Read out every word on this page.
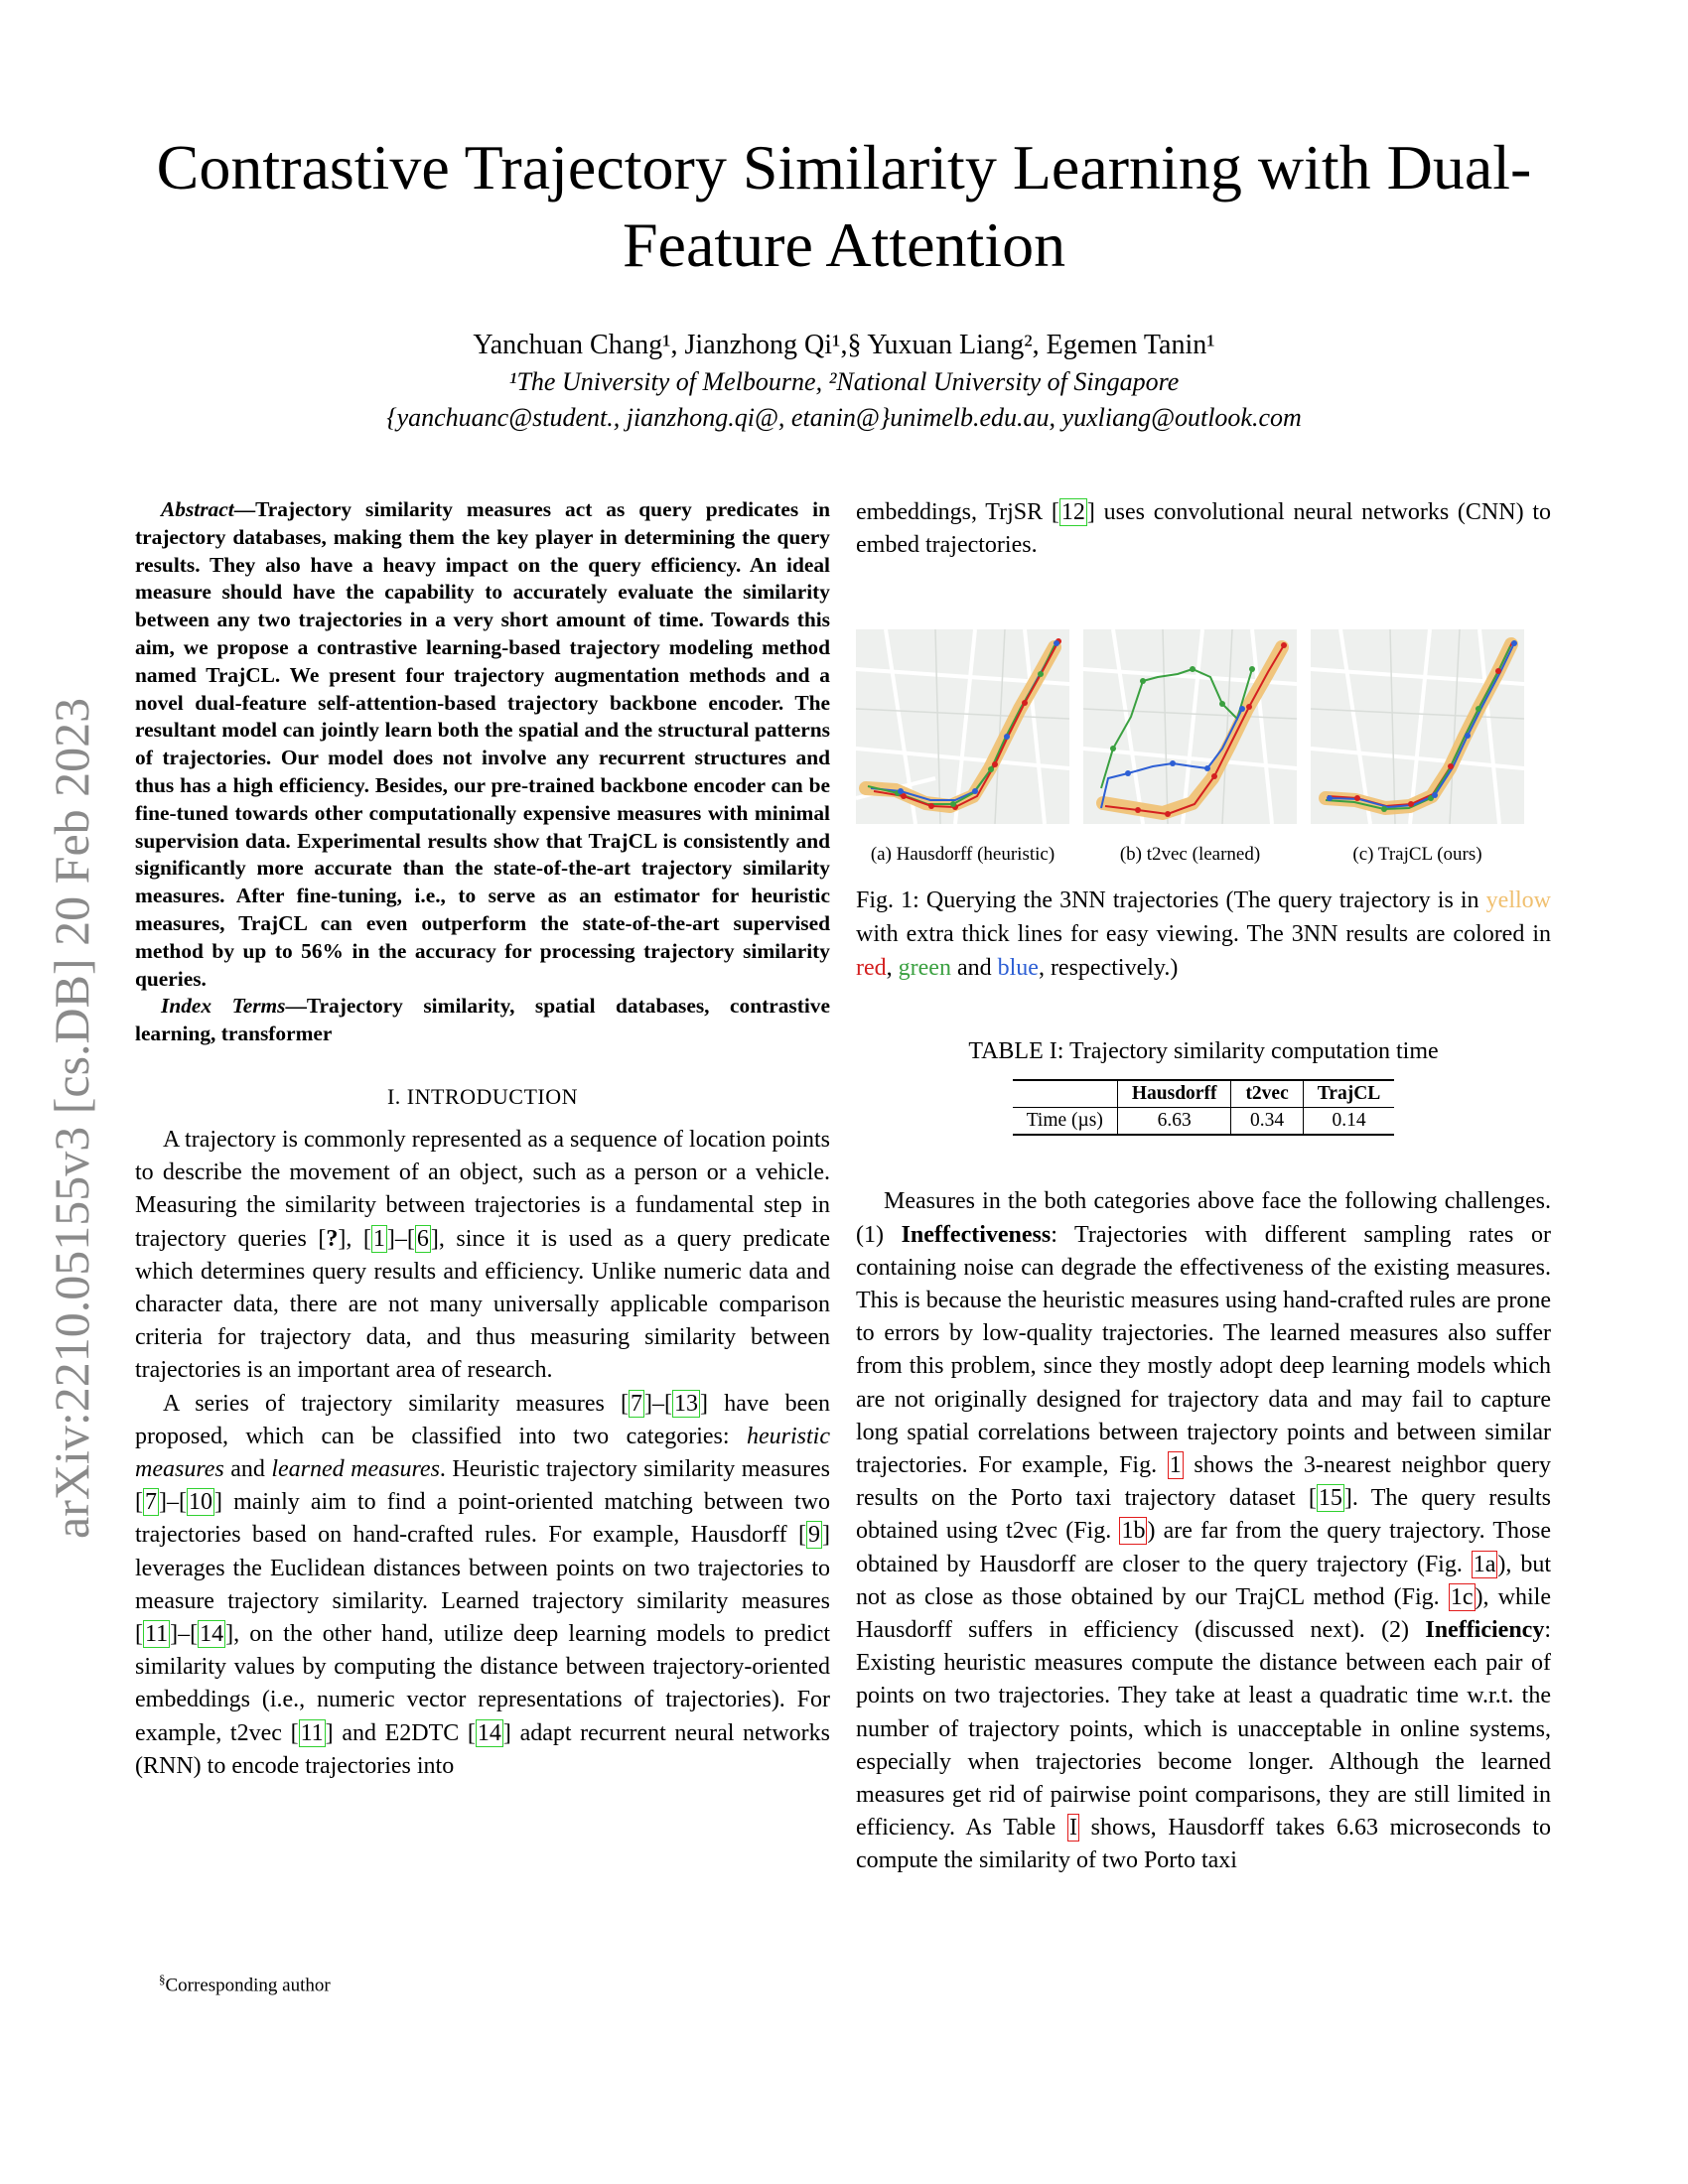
arXiv:2210.05155v3 [cs.DB] 20 Feb 2023
Contrastive Trajectory Similarity Learning with Dual-Feature Attention
Yanchuan Chang¹, Jianzhong Qi¹,§ Yuxuan Liang², Egemen Tanin¹
¹The University of Melbourne, ²National University of Singapore
{yanchuanc@student., jianzhong.qi@, etanin@}unimelb.edu.au, yuxliang@outlook.com

Abstract—Trajectory similarity measures act as query predicates in trajectory databases, making them the key player in determining the query results. They also have a heavy impact on the query efficiency. An ideal measure should have the capability to accurately evaluate the similarity between any two trajectories in a very short amount of time. Towards this aim, we propose a contrastive learning-based trajectory modeling method named TrajCL. We present four trajectory augmentation methods and a novel dual-feature self-attention-based trajectory backbone encoder. The resultant model can jointly learn both the spatial and the structural patterns of trajectories. Our model does not involve any recurrent structures and thus has a high efficiency. Besides, our pre-trained backbone encoder can be fine-tuned towards other computationally expensive measures with minimal supervision data. Experimental results show that TrajCL is consistently and significantly more accurate than the state-of-the-art trajectory similarity measures. After fine-tuning, i.e., to serve as an estimator for heuristic measures, TrajCL can even outperform the state-of-the-art supervised method by up to 56% in the accuracy for processing trajectory similarity queries.

Index Terms—Trajectory similarity, spatial databases, contrastive learning, transformer

I. INTRODUCTION

A trajectory is commonly represented as a sequence of location points to describe the movement of an object, such as a person or a vehicle. Measuring the similarity between trajectories is a fundamental step in trajectory queries [?], [1]–[6], since it is used as a query predicate which determines query results and efficiency. Unlike numeric data and character data, there are not many universally applicable comparison criteria for trajectory data, and thus measuring similarity between trajectories is an important area of research.

A series of trajectory similarity measures [7]–[13] have been proposed, which can be classified into two categories: heuristic measures and learned measures. Heuristic trajectory similarity measures [7]–[10] mainly aim to find a point-oriented matching between two trajectories based on hand-crafted rules. For example, Hausdorff [9] leverages the Euclidean distances between points on two trajectories to measure trajectory similarity. Learned trajectory similarity measures [11]–[14], on the other hand, utilize deep learning models to predict similarity values by computing the distance between trajectory-oriented embeddings (i.e., numeric vector representations of trajectories). For example, t2vec [11] and E2DTC [14] adapt recurrent neural networks (RNN) to encode trajectories into

§Corresponding author

embeddings, TrjSR [12] uses convolutional neural networks (CNN) to embed trajectories.

(a) Hausdorff (heuristic)	(b) t2vec (learned)	(c) TrajCL (ours)
Fig. 1: Querying the 3NN trajectories (The query trajectory is in yellow with extra thick lines for easy viewing. The 3NN results are colored in red, green and blue, respectively.)
TABLE I: Trajectory similarity computation time
	Hausdorff	t2vec	TrajCL
Time (µs)	6.63	0.34	0.14

Measures in the both categories above face the following challenges. (1) Ineffectiveness: Trajectories with different sampling rates or containing noise can degrade the effectiveness of the existing measures. This is because the heuristic measures using hand-crafted rules are prone to errors by low-quality trajectories. The learned measures also suffer from this problem, since they mostly adopt deep learning models which are not originally designed for trajectory data and may fail to capture long spatial correlations between trajectory points and between similar trajectories. For example, Fig. 1 shows the 3-nearest neighbor query results on the Porto taxi trajectory dataset [15]. The query results obtained using t2vec (Fig. 1b) are far from the query trajectory. Those obtained by Hausdorff are closer to the query trajectory (Fig. 1a), but not as close as those obtained by our TrajCL method (Fig. 1c), while Hausdorff suffers in efficiency (discussed next). (2) Inefficiency: Existing heuristic measures compute the distance between each pair of points on two trajectories. They take at least a quadratic time w.r.t. the number of trajectory points, which is unacceptable in online systems, especially when trajectories become longer. Although the learned measures get rid of pairwise point comparisons, they are still limited in efficiency. As Table I shows, Hausdorff takes 6.63 microseconds to compute the similarity of two Porto taxi
